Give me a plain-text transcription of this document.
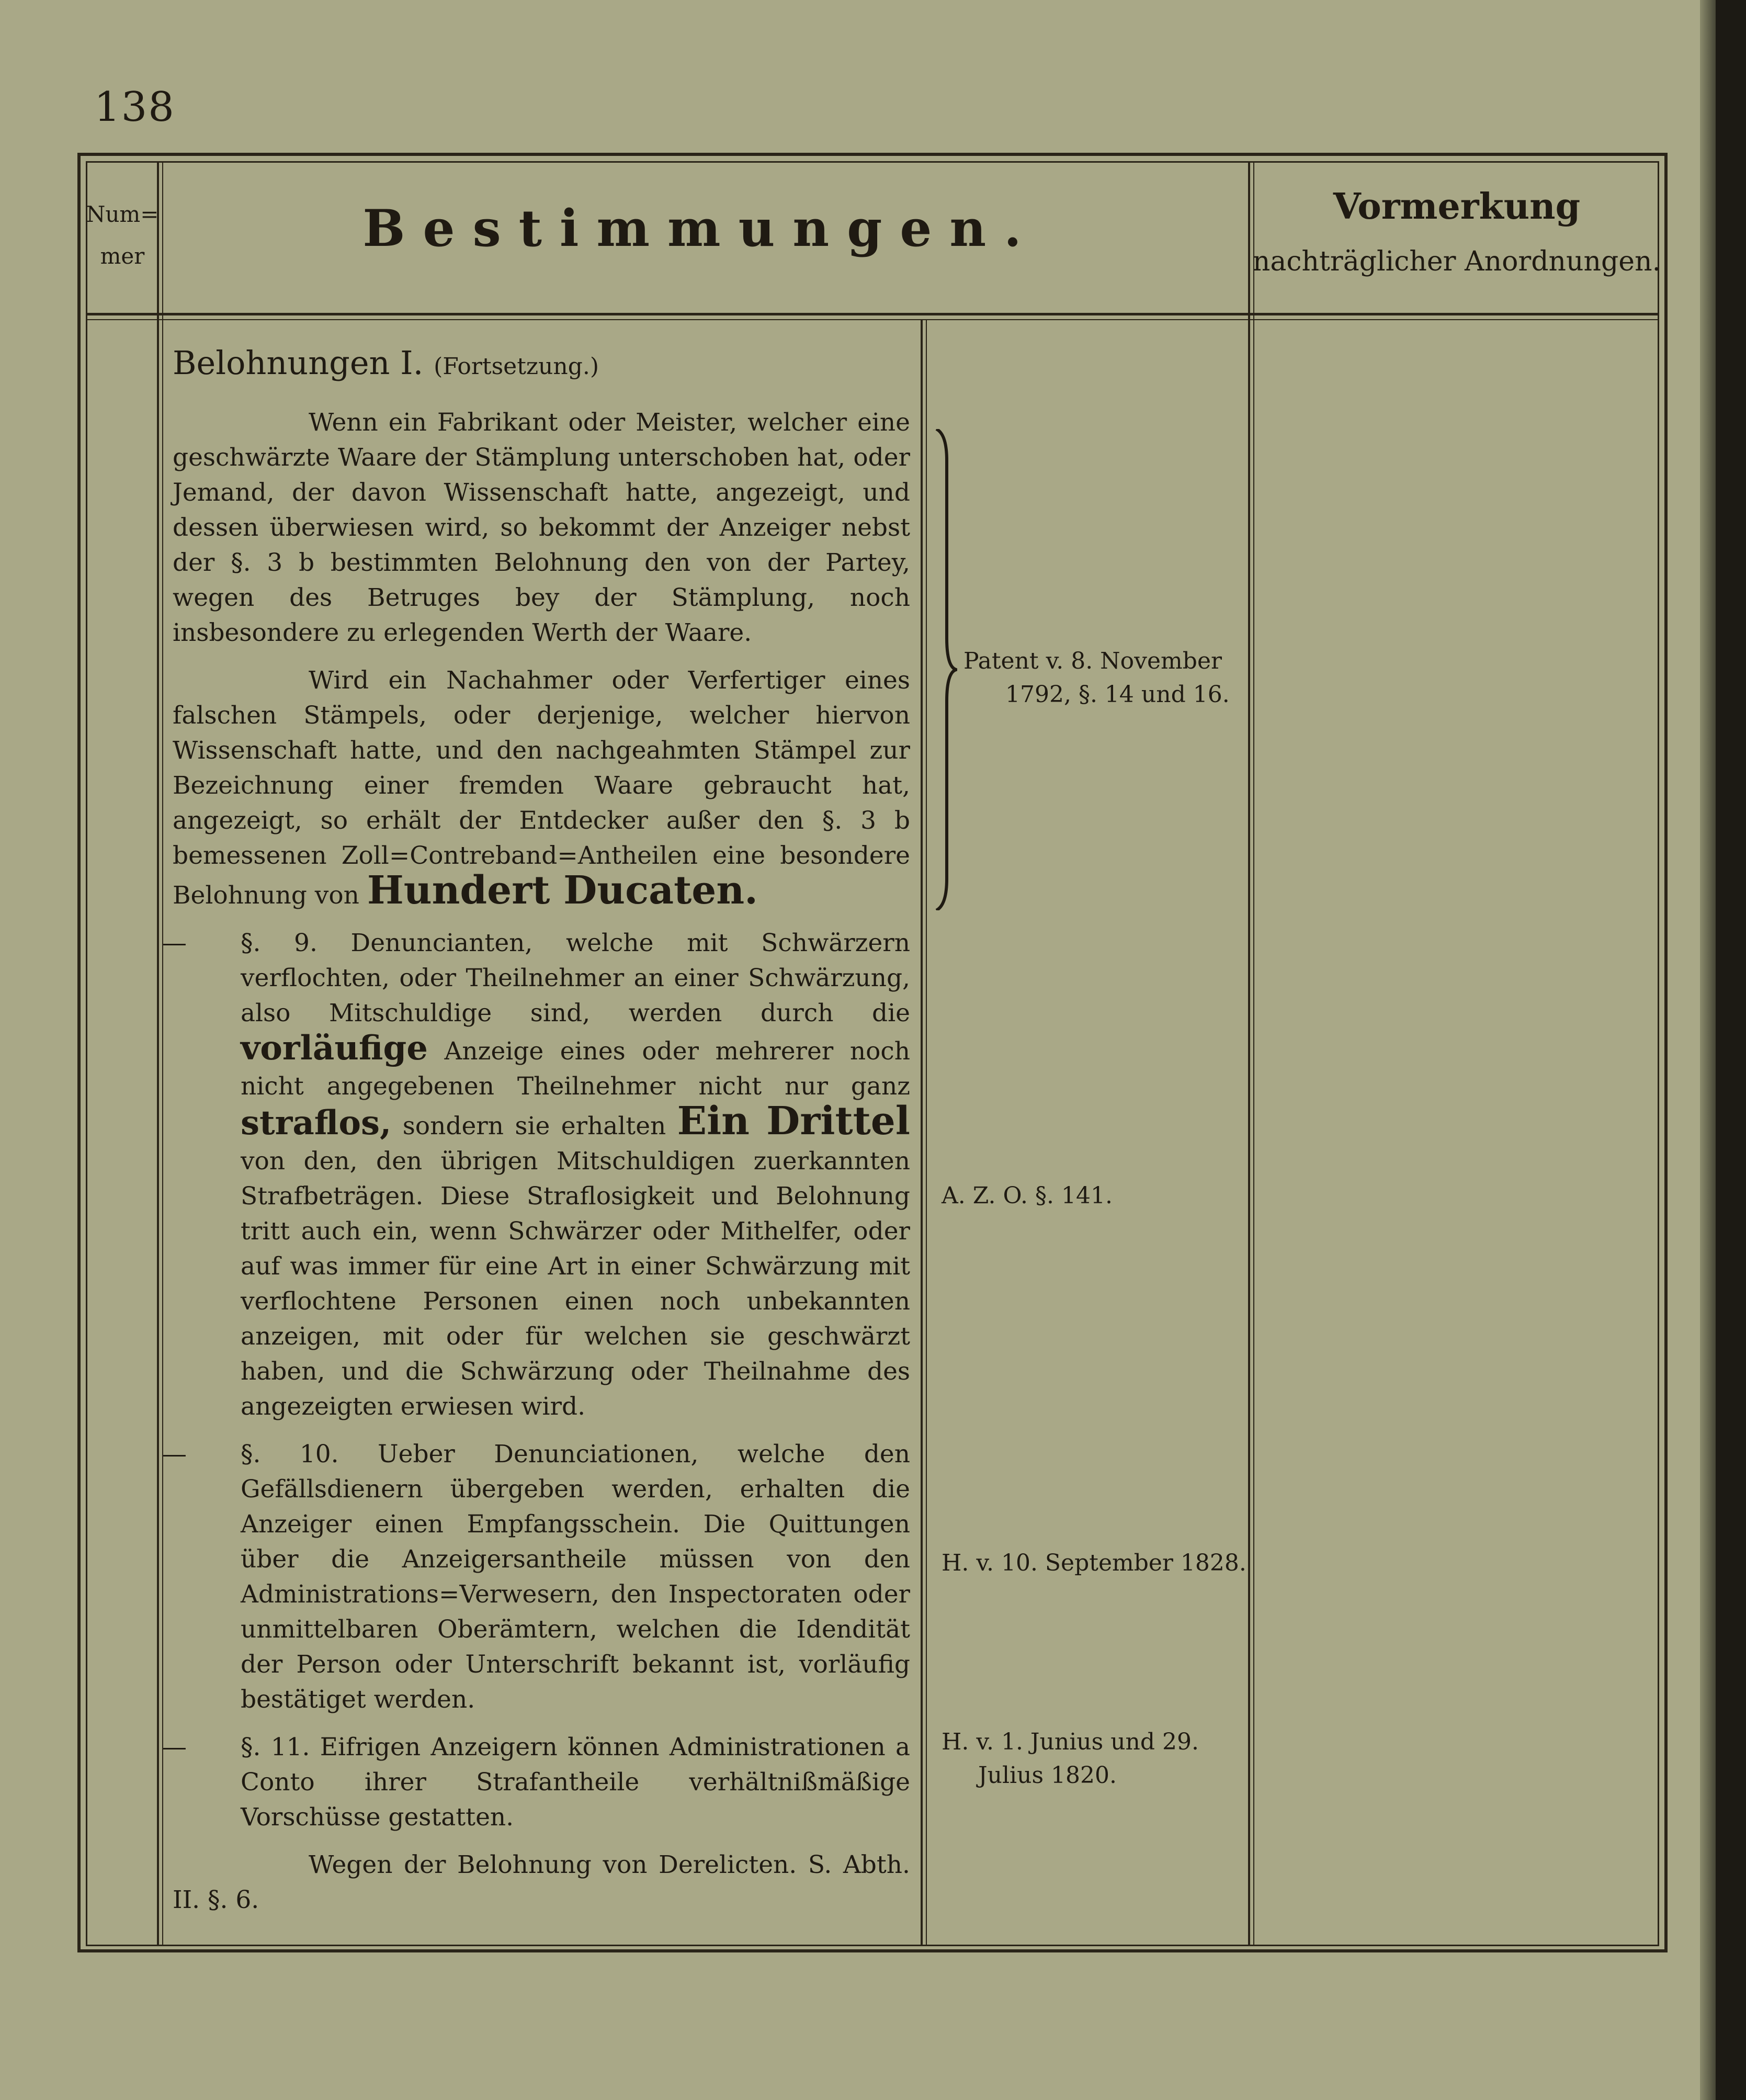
138
Num=
mer	Bestimmungen.	Vormerkung
nachträglicher Anordnungen.
Belohnungen I. (Fortsetzung.)

Wenn ein Fabrikant oder Meister, welcher eine geschwärzte Waare der Stämplung unterschoben hat, oder Jemand, der davon Wissenschaft hatte, angezeigt, und dessen überwiesen wird, so bekommt der Anzeiger nebst der §. 3 b bestimmten Belohnung den von der Partey, wegen des Betruges bey der Stämplung, noch insbesondere zu erlegenden Werth der Waare.

Wird ein Nachahmer oder Verfertiger eines falschen Stämpels, oder derjenige, welcher hiervon Wissenschaft hatte, und den nachgeahmten Stämpel zur Bezeichnung einer fremden Waare gebraucht hat, angezeigt, so erhält der Entdecker außer den §. 3 b bemessenen Zoll=Contreband=Antheilen eine besondere Belohnung von Hundert Ducaten.

— §. 9. Denuncianten, welche mit Schwärzern verflochten, oder Theilnehmer an einer Schwärzung, also Mitschuldige sind, werden durch die vorläufige Anzeige eines oder mehrerer noch nicht angegebenen Theilnehmer nicht nur ganz straflos, sondern sie erhalten Ein Drittel von den, den übrigen Mitschuldigen zuerkannten Strafbeträgen. Diese Straflosigkeit und Belohnung tritt auch ein, wenn Schwärzer oder Mithelfer, oder auf was immer für eine Art in einer Schwärzung mit verflochtene Personen einen noch unbekannten anzeigen, mit oder für welchen sie geschwärzt haben, und die Schwärzung oder Theilnahme des angezeigten erwiesen wird.

— §. 10. Ueber Denunciationen, welche den Gefällsdienern übergeben werden, erhalten die Anzeiger einen Empfangsschein. Die Quittungen über die Anzeigersantheile müssen von den Administrations=Verwesern, den Inspectoraten oder unmittelbaren Oberämtern, welchen die Idendität der Person oder Unterschrift bekannt ist, vorläufig bestätiget werden.

— §. 11. Eifrigen Anzeigern können Administrationen a Conto ihrer Strafantheile verhältnißmäßige Vorschüsse gestatten.

Wegen der Belohnung von Derelicten. S. Abth. II. §. 6.

Patent v. 8. November
1792, §. 14 und 16.
A. Z. O. §. 141.
H. v. 10. September 1828.
H. v. 1. Junius und 29.
Julius 1820.
